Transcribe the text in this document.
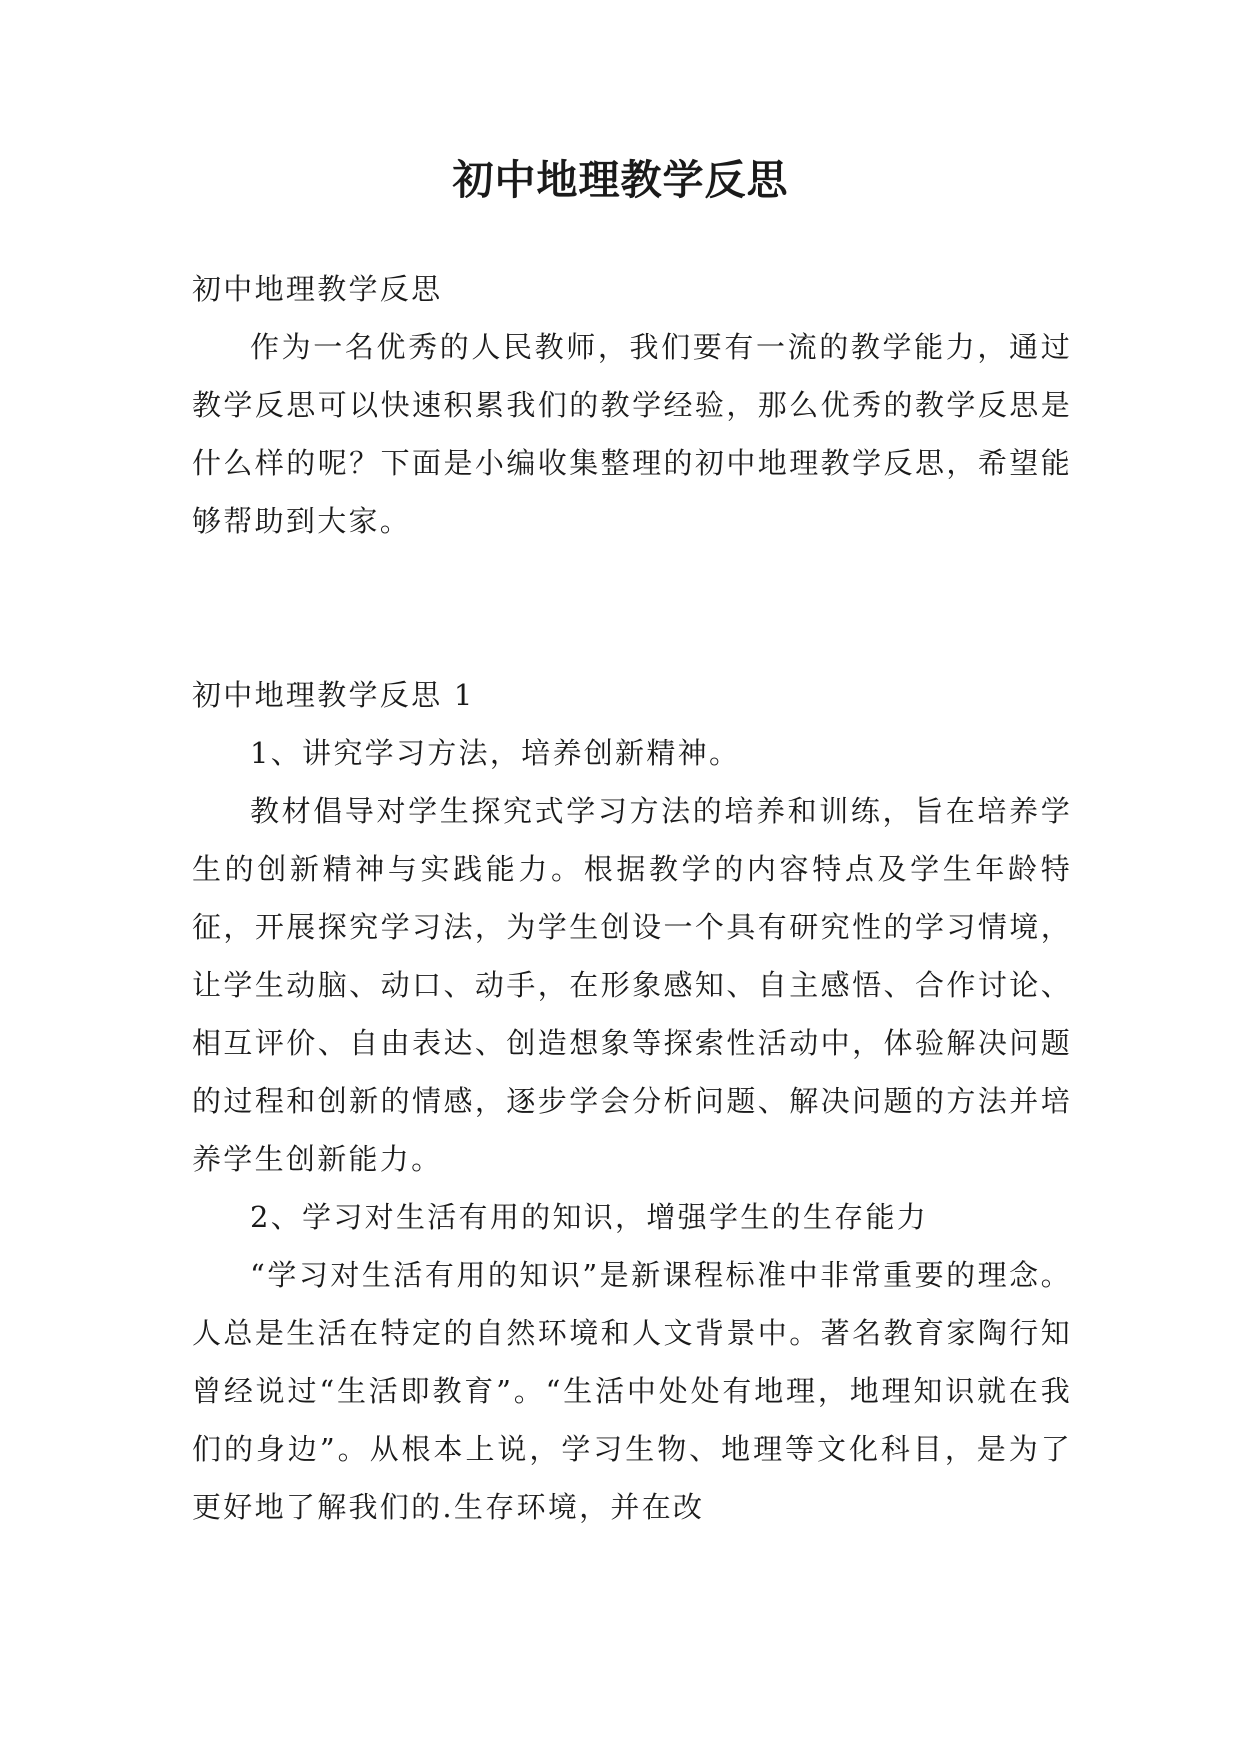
初中地理教学反思

初中地理教学反思

作为一名优秀的人民教师，我们要有一流的教学能力，通过教学反思可以快速积累我们的教学经验，那么优秀的教学反思是什么样的呢？下面是小编收集整理的初中地理教学反思，希望能够帮助到大家。

初中地理教学反思 1

1、讲究学习方法，培养创新精神。

教材倡导对学生探究式学习方法的培养和训练，旨在培养学生的创新精神与实践能力。根据教学的内容特点及学生年龄特征，开展探究学习法，为学生创设一个具有研究性的学习情境，让学生动脑、动口、动手，在形象感知、自主感悟、合作讨论、相互评价、自由表达、创造想象等探索性活动中，体验解决问题的过程和创新的情感，逐步学会分析问题、解决问题的方法并培养学生创新能力。

2、学习对生活有用的知识，增强学生的生存能力

“学习对生活有用的知识”是新课程标准中非常重要的理念。人总是生活在特定的自然环境和人文背景中。著名教育家陶行知曾经说过“生活即教育”。“生活中处处有地理，地理知识就在我们的身边”。从根本上说，学习生物、地理等文化科目，是为了更好地了解我们的.生存环境，并在改
